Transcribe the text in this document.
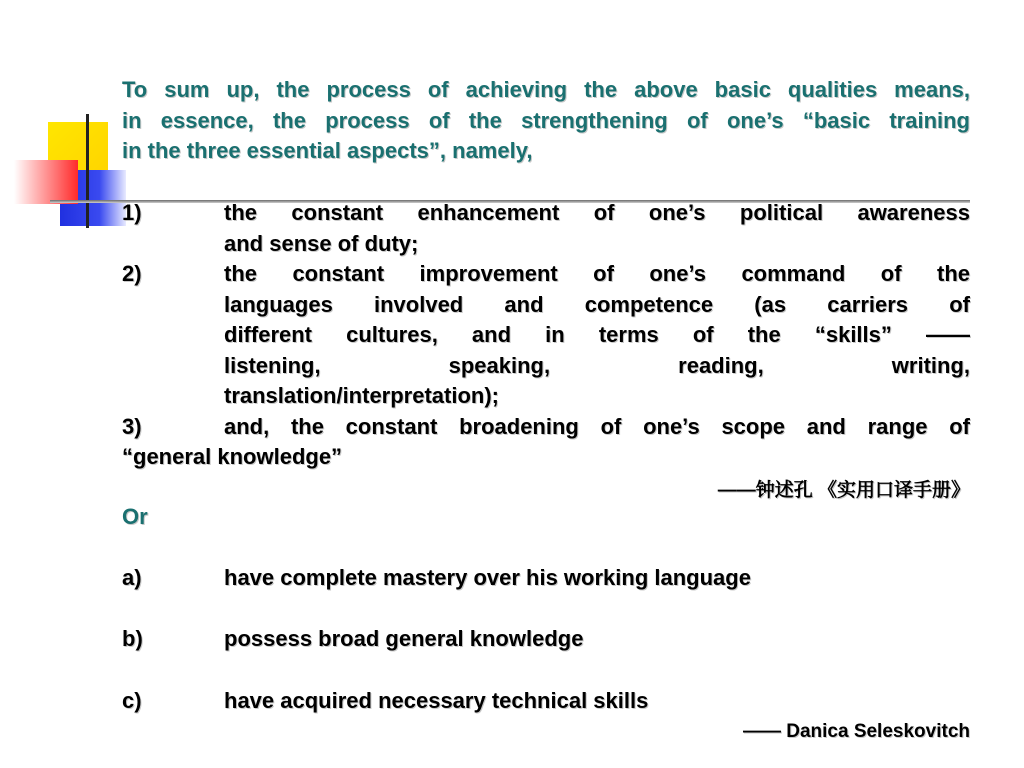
To sum up, the process of achieving the above basic qualities means,
in essence, the process of the strengthening of one’s “basic training
in the three essential aspects”, namely,
1)	the constant enhancement of one’s political awareness
and sense of duty;
2)	the constant improvement of one’s command of the
languages involved and competence (as carriers of
different cultures, and in terms of the “skills” ——
listening, speaking, reading, writing,
translation/interpretation);
3)	and, the constant broadening of one’s scope and range of
“general knowledge”
——钟述孔 《实用口译手册》
Or
a)	have complete mastery over his working language
b)	possess broad general knowledge
c)	have acquired necessary technical skills
—— Danica Seleskovitch
